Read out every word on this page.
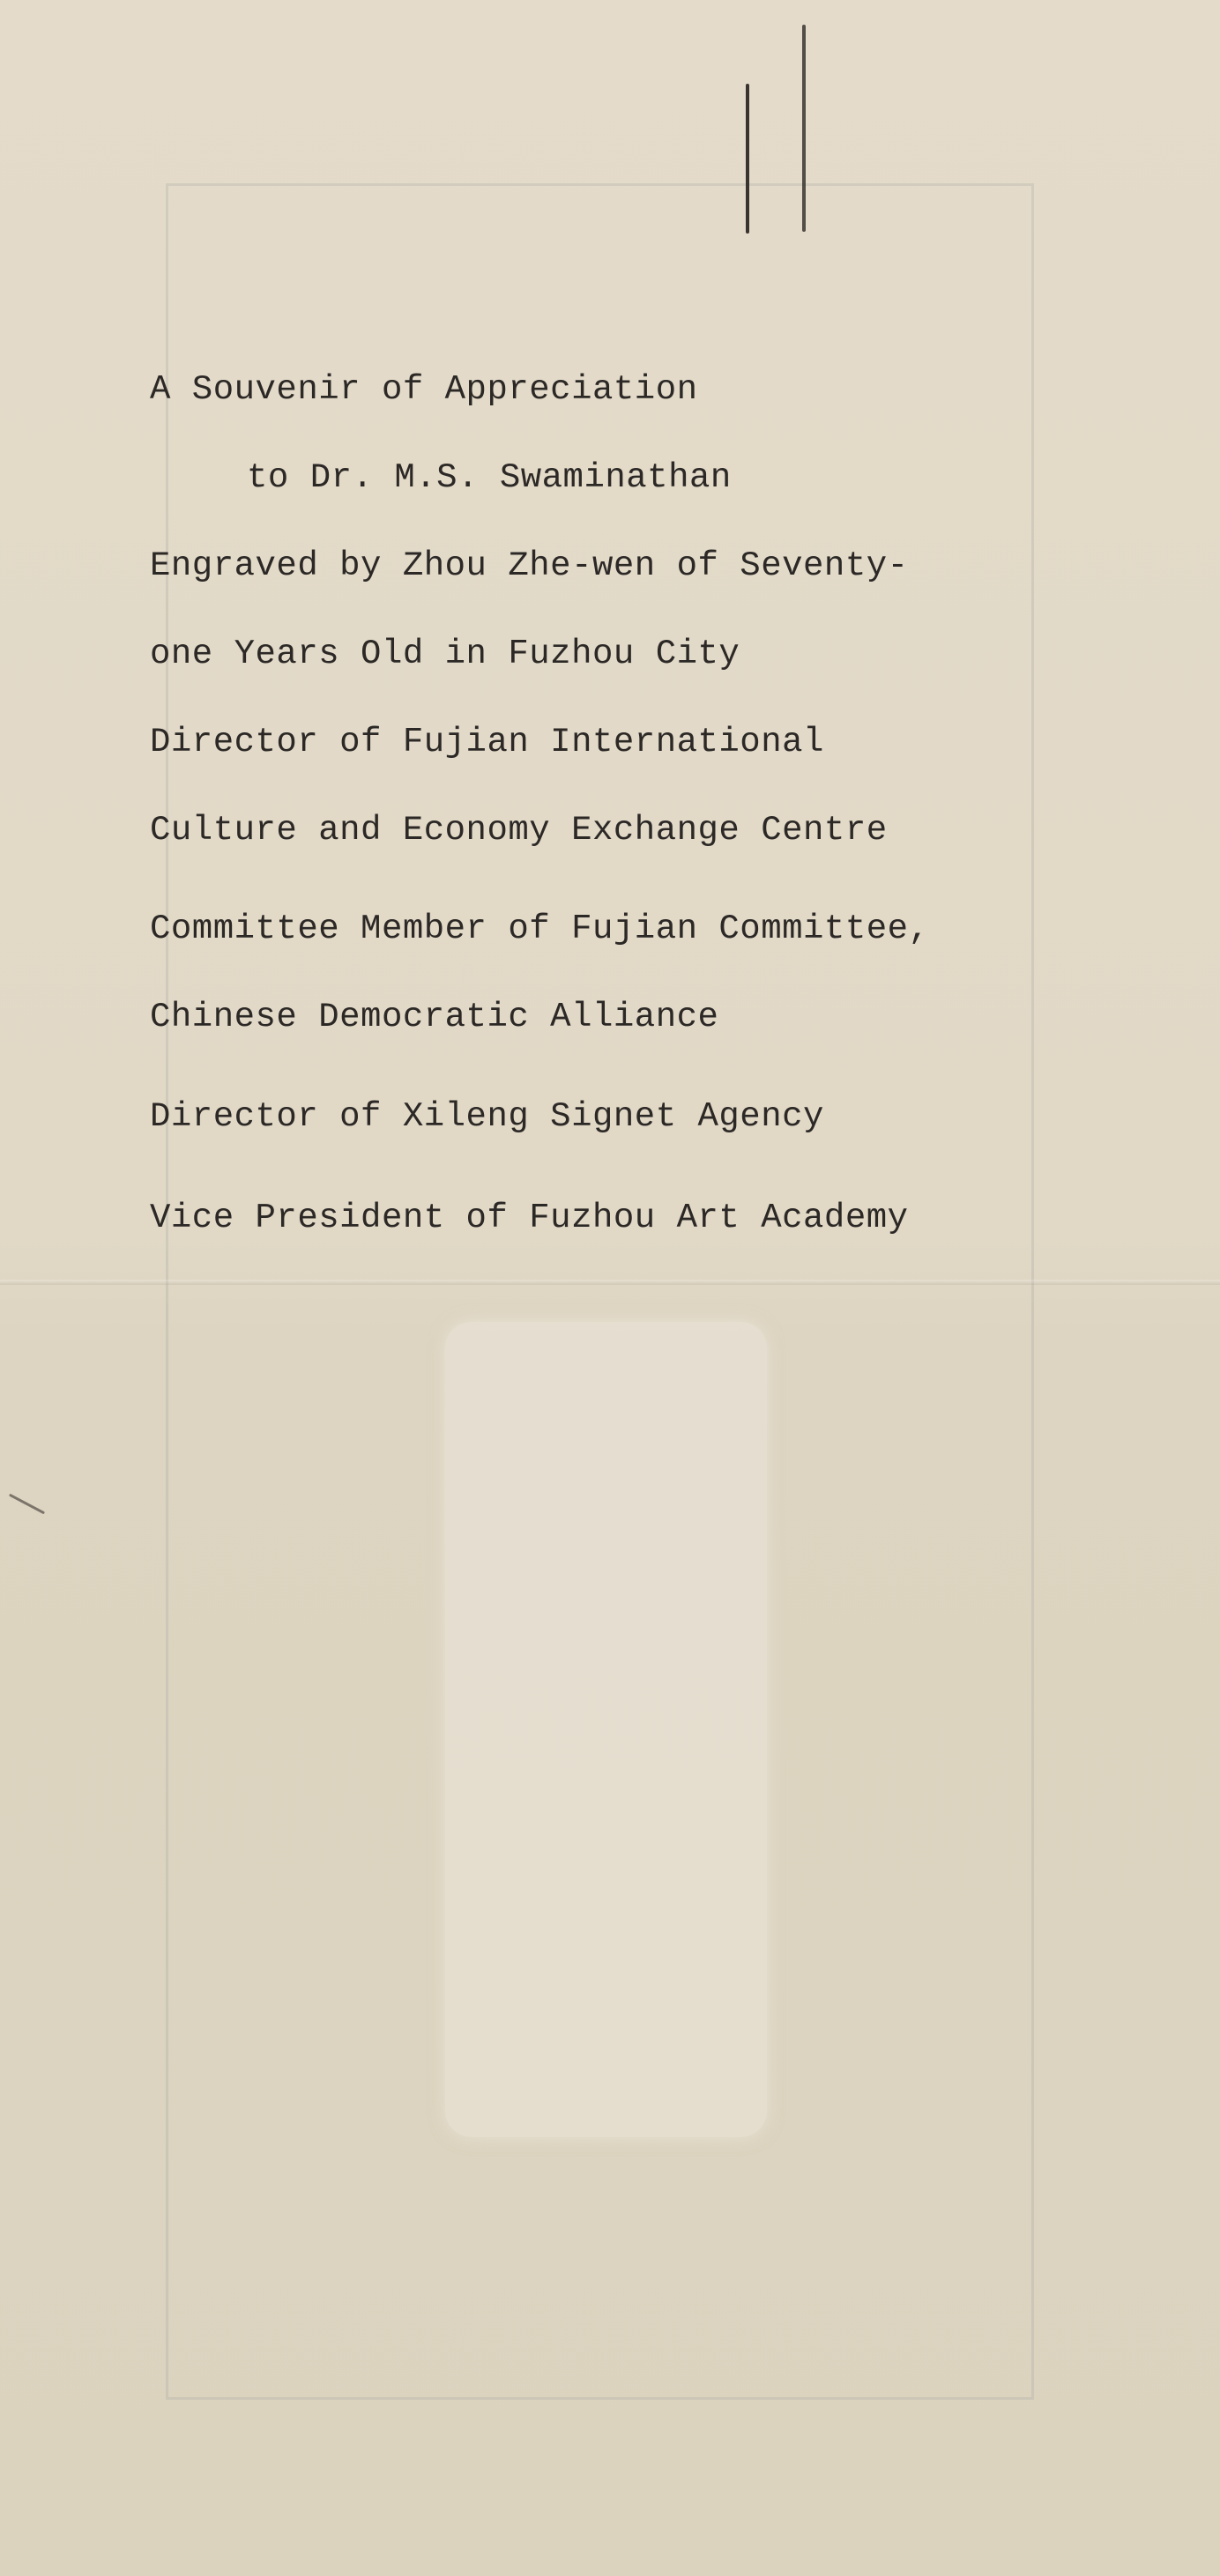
A Souvenir of Appreciation
to Dr. M.S. Swaminathan
Engraved by Zhou Zhe-wen of Seventy-
one Years Old in Fuzhou City
Director of Fujian International
Culture and Economy Exchange Centre
Committee Member of Fujian Committee,
Chinese Democratic Alliance
Director of Xileng Signet Agency
Vice President of Fuzhou Art Academy
